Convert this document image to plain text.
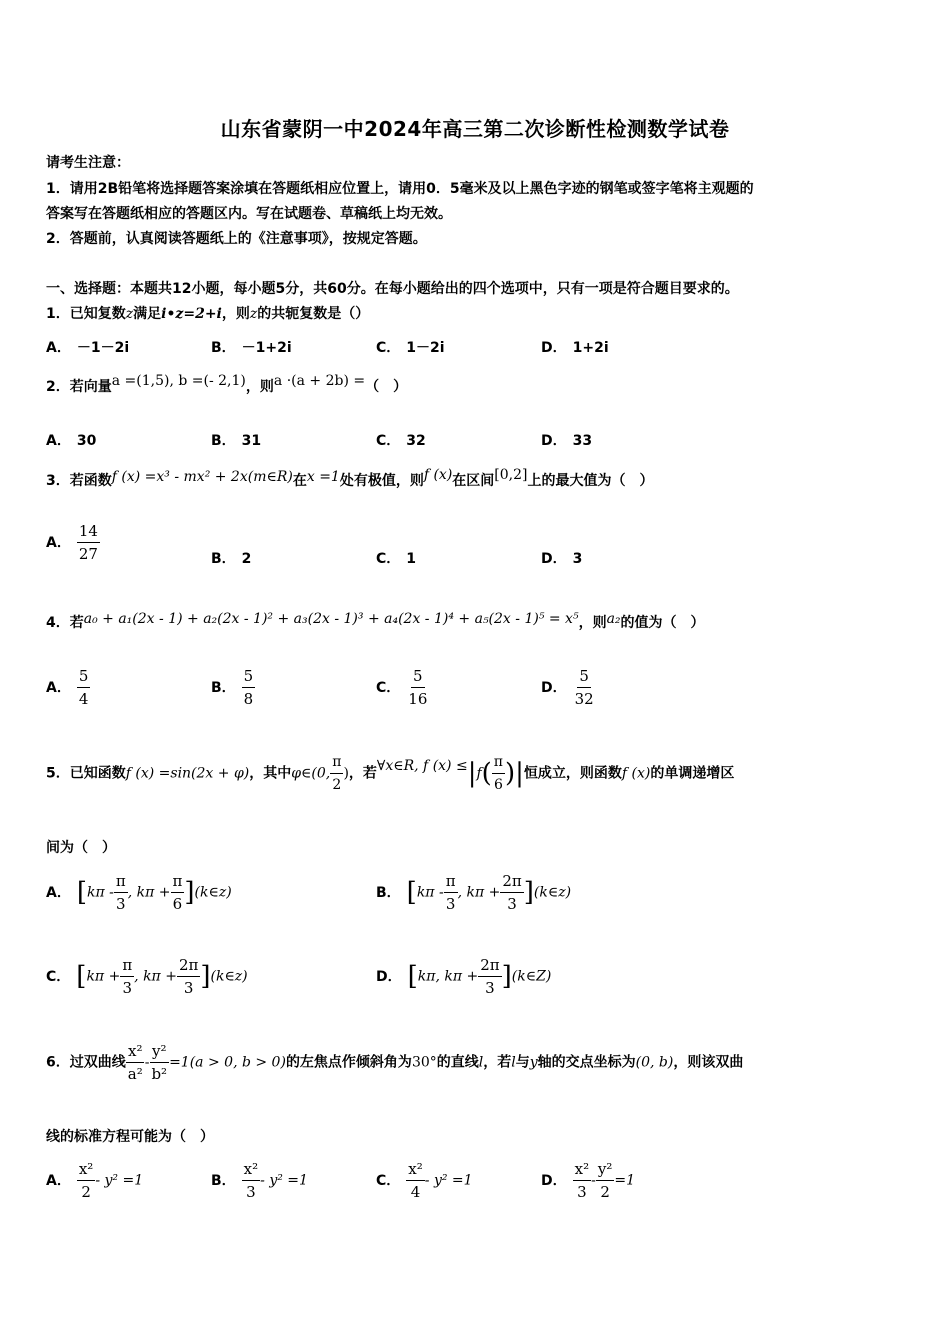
山东省蒙阴一中2024年高三第二次诊断性检测数学试卷
请考生注意：
1．请用2B铅笔将选择题答案涂填在答题纸相应位置上，请用0．5毫米及以上黑色字迹的钢笔或签字笔将主观题的
答案写在答题纸相应的答题区内。写在试题卷、草稿纸上均无效。
2．答题前，认真阅读答题纸上的《注意事项》，按规定答题。
一、选择题：本题共12小题，每小题5分，共60分。在每小题给出的四个选项中，只有一项是符合题目要求的。
1．已知复数z满足i•z=2+i，则z的共轭复数是（）
A． －1－2i	B． －1+2i	C． 1－2i	D． 1+2i
2．若向量a =(1,5), b =(- 2,1)，则a ·(a + 2b) =（　）
A． 30	B． 31	C． 32	D． 33
3．若函数f (x) =x³ - mx² + 2x(m∈R)在x =1处有极值，则f (x)在区间[0,2]上的最大值为（　）
A． $\frac{14}{27}$	B． 2	C． 1	D． 3
4．若a₀ + a₁(2x - 1) + a₂(2x - 1)² + a₃(2x - 1)³ + a₄(2x - 1)⁴ + a₅(2x - 1)⁵ = x⁵，则a₂的值为（　）
A． $\frac{5}{4}$	B． $\frac{5}{8}$	C． $\frac{5}{16}$	D． $\frac{5}{32}$
5．已知函数f (x) =sin(2x + φ)，其中φ∈(0, $\frac{\pi}{2}$ )，若∀x∈R, f $(x) \le|f( \frac{\pi}{6}$ )|恒成立，则函数f (x)的单调递增区
间为（　）
A． [$k\pi - \frac{\pi}{3}$ , $k\pi + \frac{\pi}{6}$ ](k∈z)	B． [$k\pi - \frac{\pi}{3}$ , $k\pi + \frac{2\pi}{3}$ ](k∈z)
C． [$k\pi + \frac{\pi}{3}$ , $k\pi + \frac{2\pi}{3}$ ](k∈z)	D． [kπ, $k\pi + \frac{2\pi}{3}$ ](k∈Z)
6．过双曲线 $\frac{\text{x²}}{\text{a²}} - \frac{\text{y²}}{\text{b²}} =1(a > 0$, b > 0)的左焦点作倾斜角为30°的直线l，若l与y轴的交点坐标为(0, b)，则该双曲
线的标准方程可能为（　）
A． $\frac{\text{x²}}{2} - y^2 =1$	B． $\frac{\text{x²}}{3} - y^2 =1$	C． $\frac{\text{x²}}{4} - y^2 =1$	D． $\frac{\text{x²}}{3} - \frac{\text{y²}}{2} =1$
